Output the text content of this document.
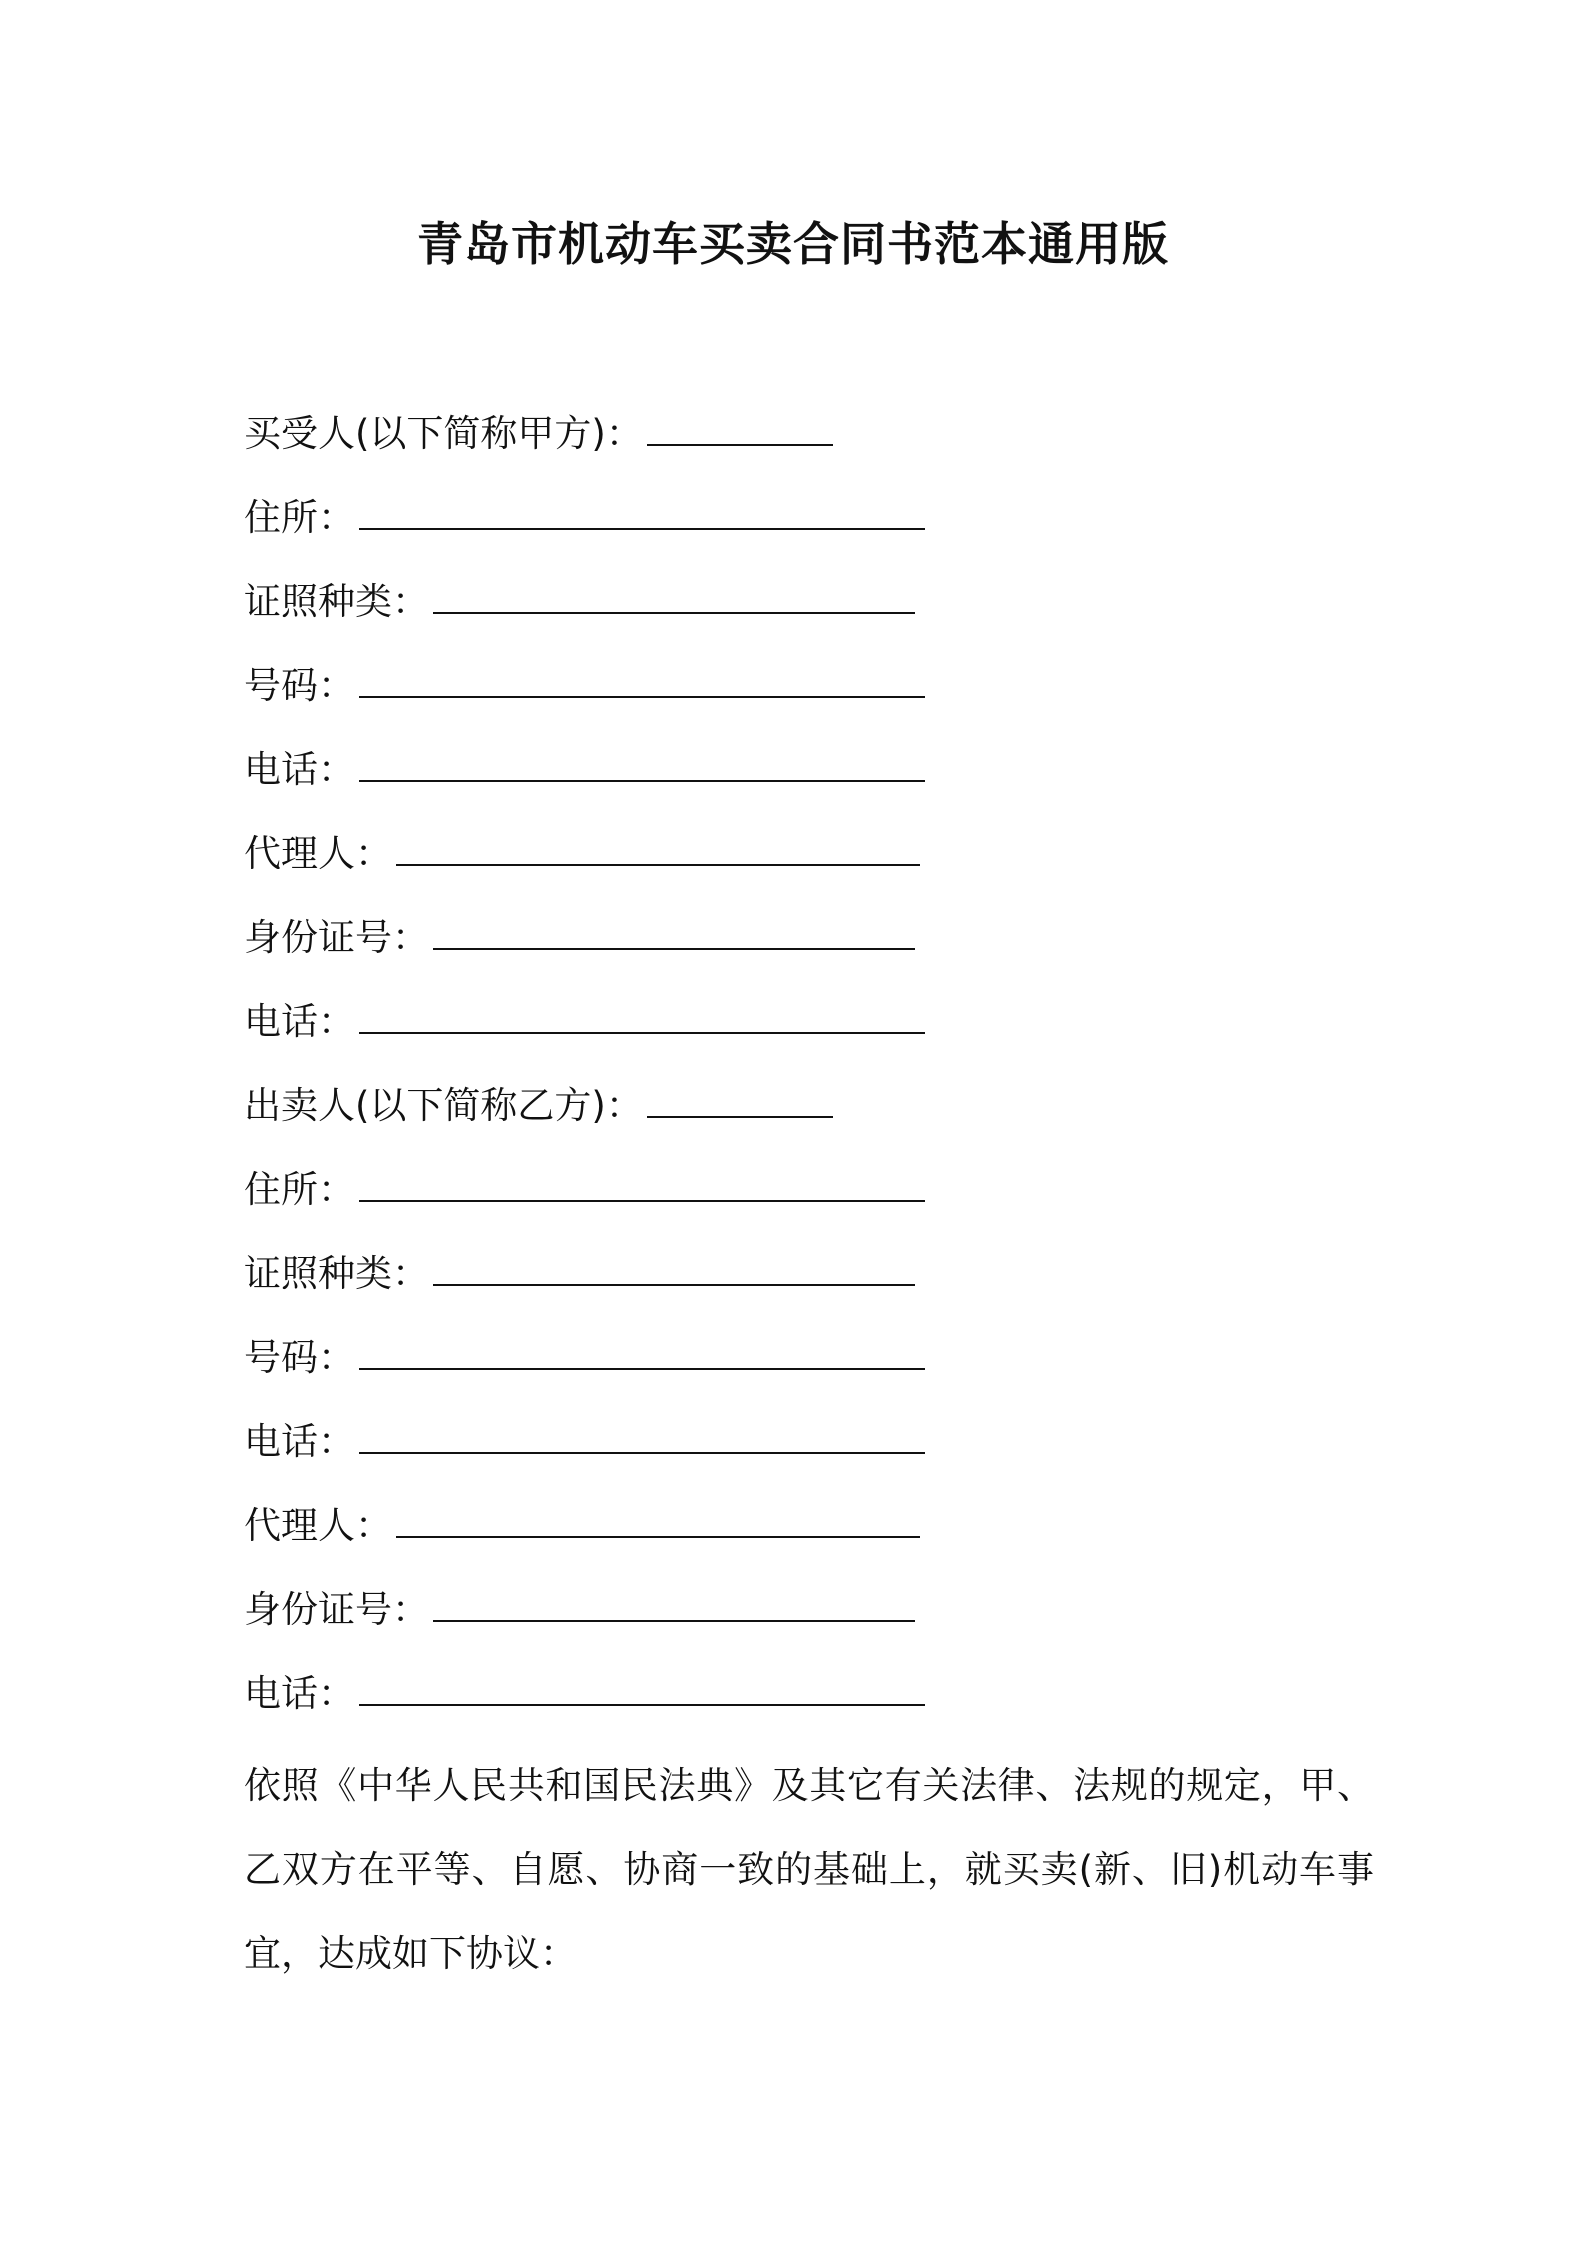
青岛市机动车买卖合同书范本通用版
买受人(以下简称甲方)：
住所：
证照种类：
号码：
电话：
代理人：
身份证号：
电话：
出卖人(以下简称乙方)：
住所：
证照种类：
号码：
电话：
代理人：
身份证号：
电话：
依照《中华人民共和国民法典》及其它有关法律、法规的规定，甲、乙双方在平等、自愿、协商一致的基础上，就买卖(新、旧)机动车事宜，达成如下协议：
